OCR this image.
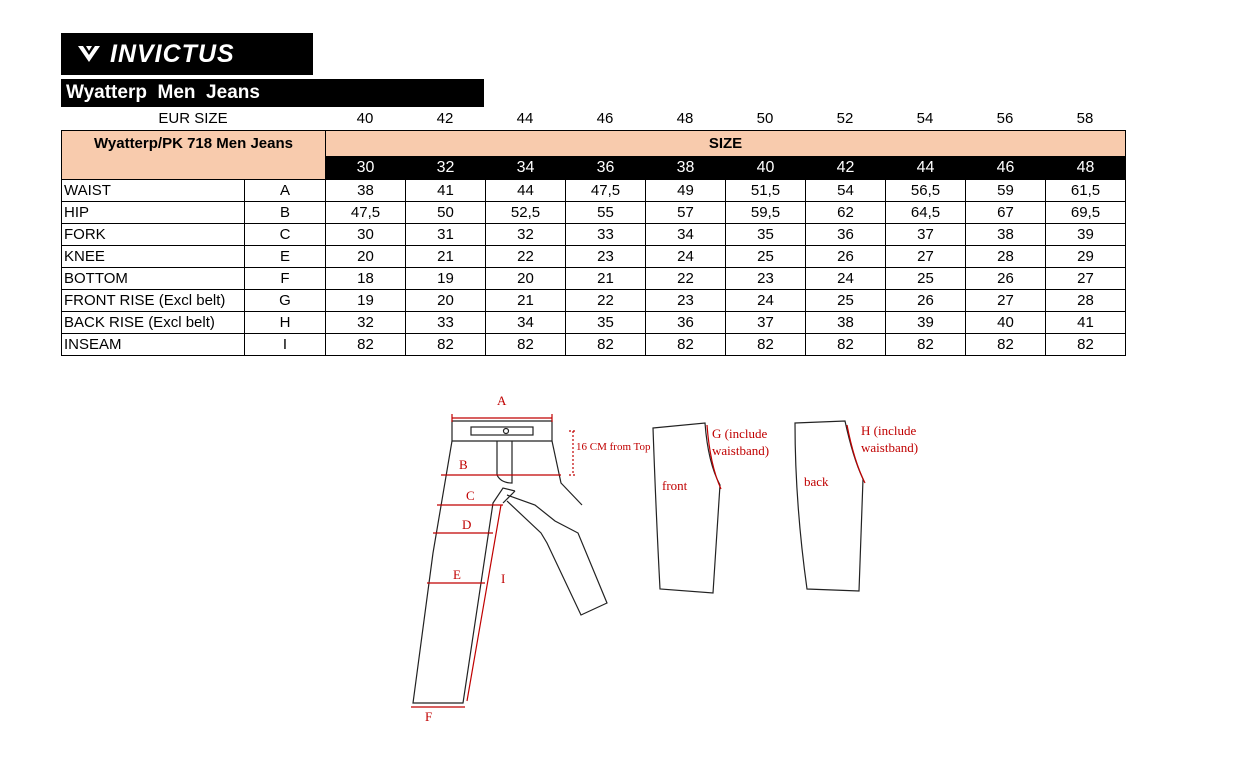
INVICTUS
Wyatterp  Men  Jeans
EUR SIZE	40	42	44	46	48	50	52	54	56	58
Wyatterp/PK 718 Men Jeans		SIZE									
		30	32	34	36	38	40	42	44	46	48
WAIST	A	38	41	44	47,5	49	51,5	54	56,5	59	61,5
HIP	B	47,5	50	52,5	55	57	59,5	62	64,5	67	69,5
FORK	C	30	31	32	33	34	35	36	37	38	39
KNEE	E	20	21	22	23	24	25	26	27	28	29
BOTTOM	F	18	19	20	21	22	23	24	25	26	27
FRONT RISE (Excl belt)	G	19	20	21	22	23	24	25	26	27	28
BACK RISE (Excl belt)	H	32	33	34	35	36	37	38	39	40	41
INSEAM	I	82	82	82	82	82	82	82	82	82	82
A
B
C
D
E
F
I
16 CM from Top
front	back
G (include
waistband)
H (include
waistband)
